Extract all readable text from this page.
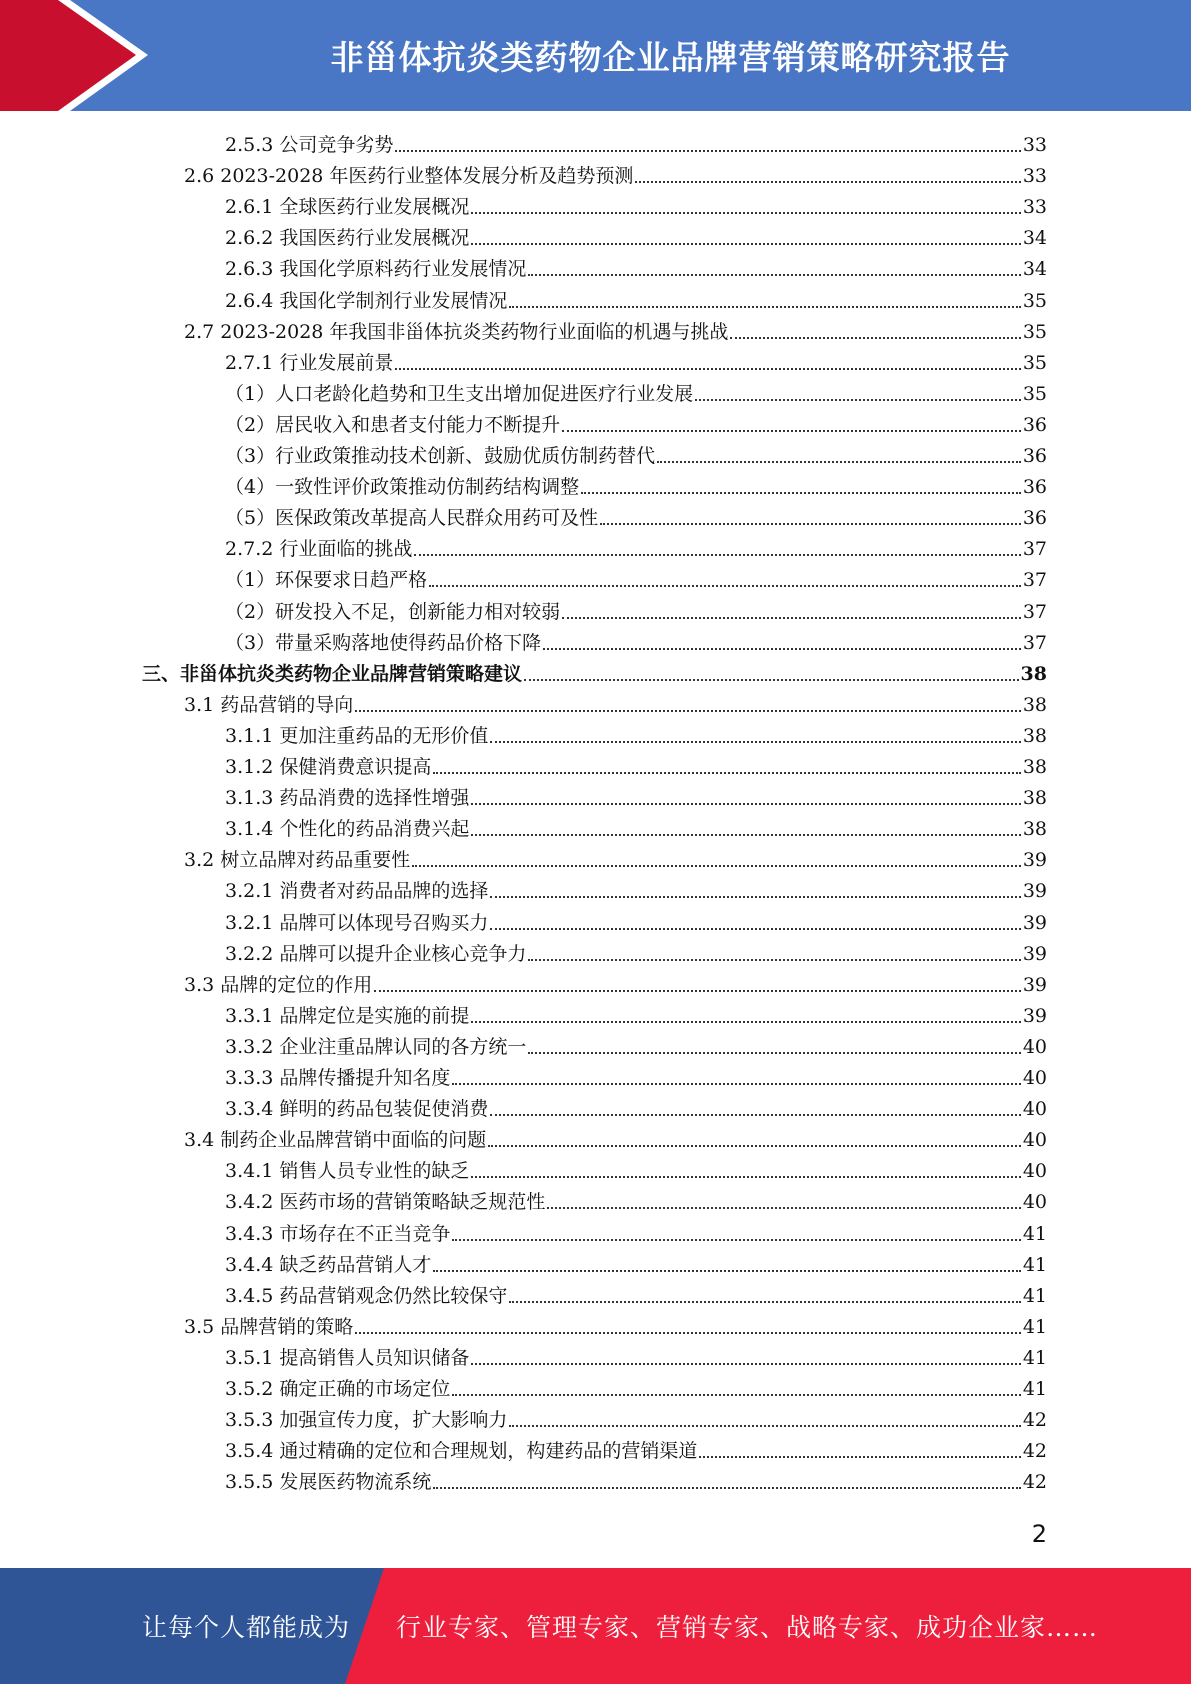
非甾体抗炎类药物企业品牌营销策略研究报告
2.5.3 公司竞争劣势	33
2.6 2023-2028 年医药行业整体发展分析及趋势预测	33
2.6.1 全球医药行业发展概况	33
2.6.2 我国医药行业发展概况	34
2.6.3 我国化学原料药行业发展情况	34
2.6.4 我国化学制剂行业发展情况	35
2.7 2023-2028 年我国非甾体抗炎类药物行业面临的机遇与挑战	35
2.7.1 行业发展前景	35
（1）人口老龄化趋势和卫生支出增加促进医疗行业发展	35
（2）居民收入和患者支付能力不断提升	36
（3）行业政策推动技术创新、鼓励优质仿制药替代	36
（4）一致性评价政策推动仿制药结构调整	36
（5）医保政策改革提高人民群众用药可及性	36
2.7.2 行业面临的挑战	37
（1）环保要求日趋严格	37
（2）研发投入不足，创新能力相对较弱	37
（3）带量采购落地使得药品价格下降	37
三、非甾体抗炎类药物企业品牌营销策略建议	38
3.1 药品营销的导向	38
3.1.1 更加注重药品的无形价值	38
3.1.2 保健消费意识提高	38
3.1.3 药品消费的选择性增强	38
3.1.4 个性化的药品消费兴起	38
3.2 树立品牌对药品重要性	39
3.2.1 消费者对药品品牌的选择	39
3.2.1 品牌可以体现号召购买力	39
3.2.2 品牌可以提升企业核心竞争力	39
3.3 品牌的定位的作用	39
3.3.1 品牌定位是实施的前提	39
3.3.2 企业注重品牌认同的各方统一	40
3.3.3 品牌传播提升知名度	40
3.3.4 鲜明的药品包装促使消费	40
3.4 制药企业品牌营销中面临的问题	40
3.4.1 销售人员专业性的缺乏	40
3.4.2 医药市场的营销策略缺乏规范性	40
3.4.3 市场存在不正当竞争	41
3.4.4 缺乏药品营销人才	41
3.4.5 药品营销观念仍然比较保守	41
3.5 品牌营销的策略	41
3.5.1 提高销售人员知识储备	41
3.5.2 确定正确的市场定位	41
3.5.3 加强宣传力度，扩大影响力	42
3.5.4 通过精确的定位和合理规划，构建药品的营销渠道	42
3.5.5 发展医药物流系统	42
2
让每个人都能成为 行业专家、管理专家、营销专家、战略专家、成功企业家……
